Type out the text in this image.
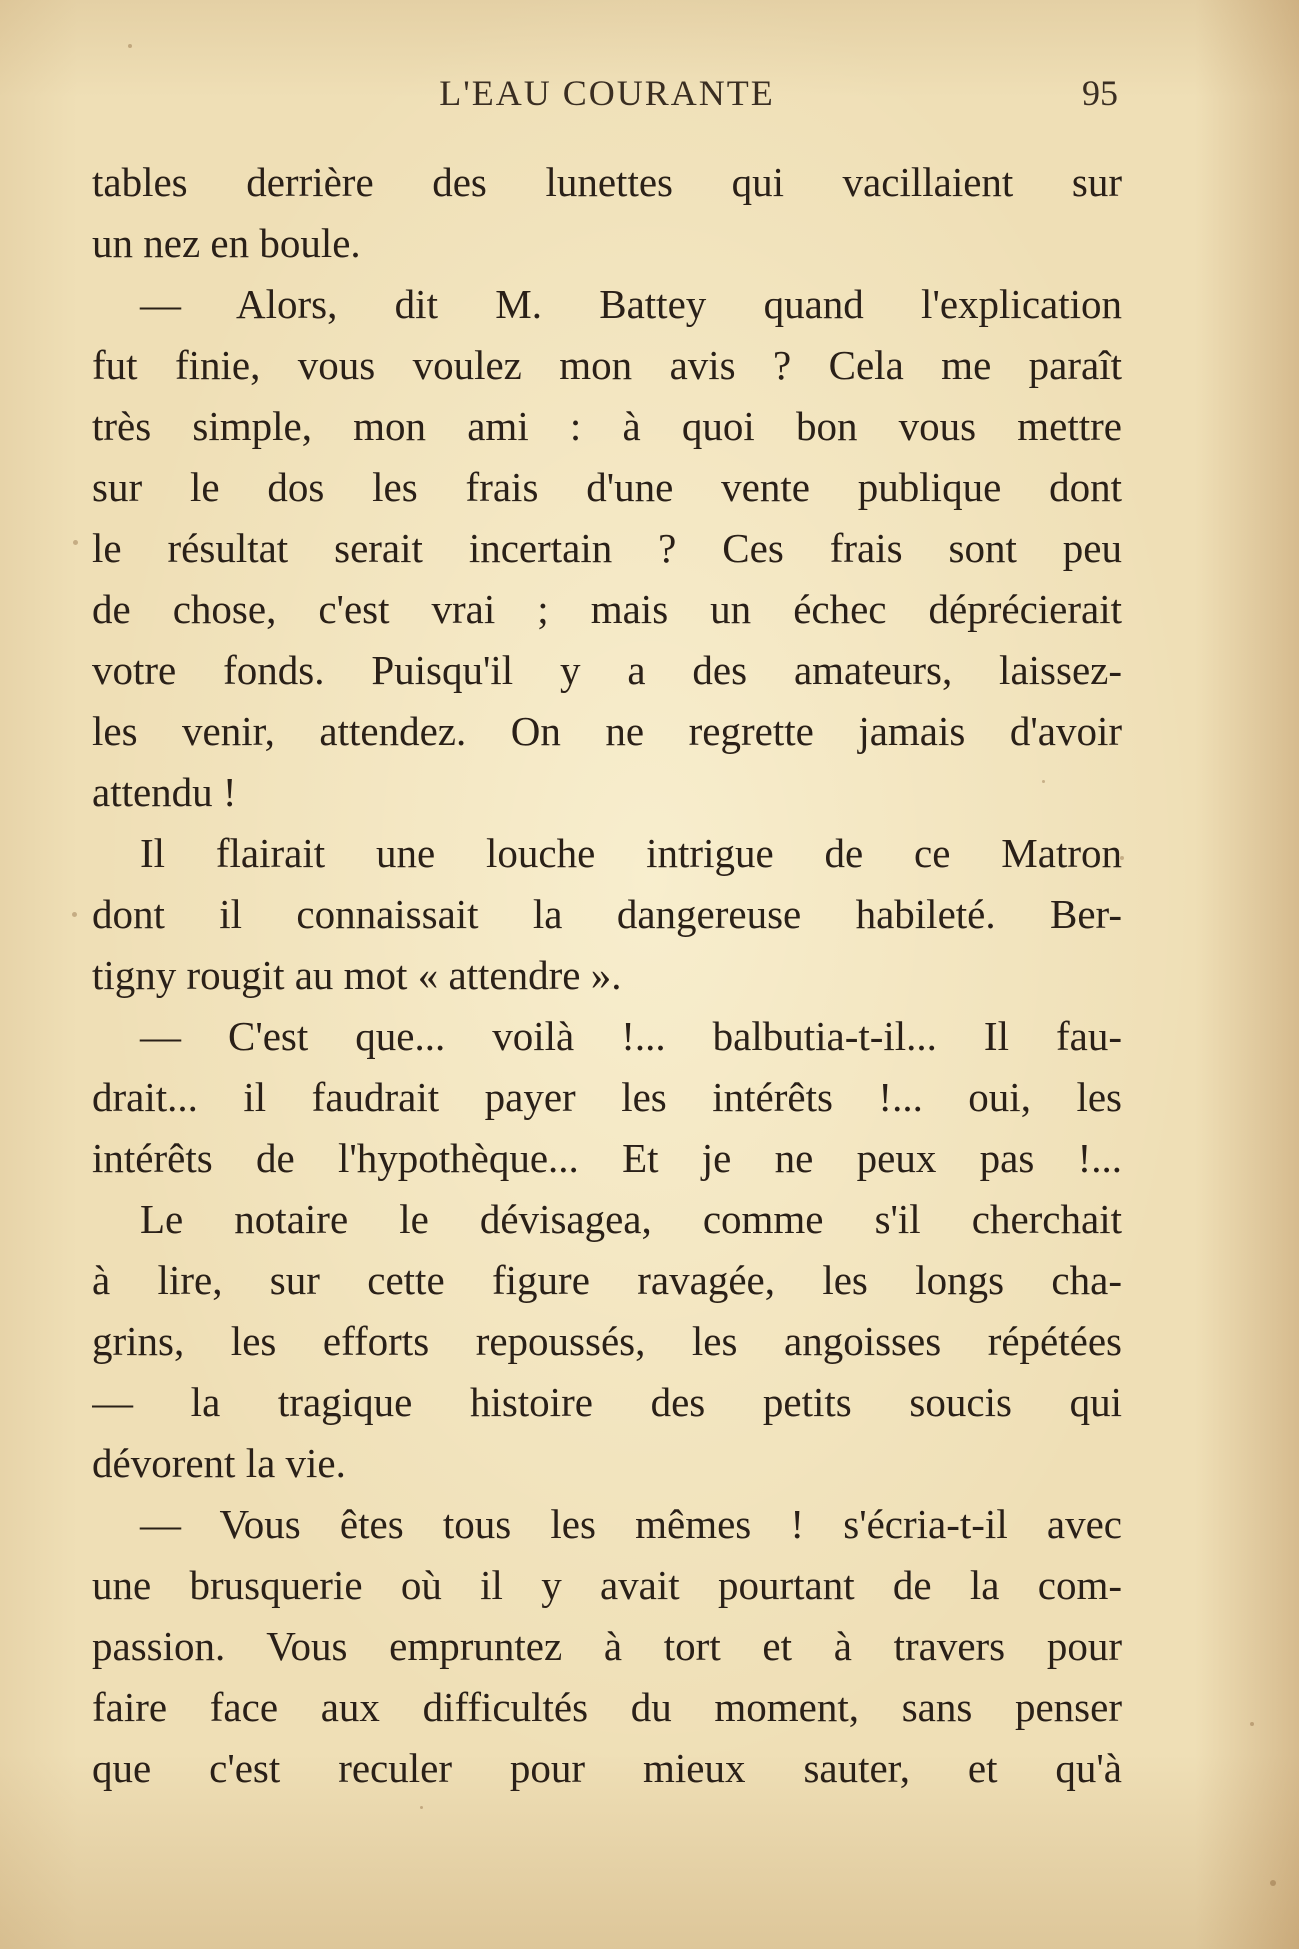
L'EAU COURANTE	95
tables derrière des lunettes qui vacillaient sur
un nez en boule.
— Alors, dit M. Battey quand l'explication
fut finie, vous voulez mon avis ? Cela me paraît
très simple, mon ami : à quoi bon vous mettre
sur le dos les frais d'une vente publique dont
le résultat serait incertain ? Ces frais sont peu
de chose, c'est vrai ; mais un échec déprécierait
votre fonds. Puisqu'il y a des amateurs, laissez-
les venir, attendez. On ne regrette jamais d'avoir
attendu !
Il flairait une louche intrigue de ce Matron
dont il connaissait la dangereuse habileté. Ber-
tigny rougit au mot « attendre ».
— C'est que... voilà !... balbutia-t-il... Il fau-
drait... il faudrait payer les intérêts !... oui, les
intérêts de l'hypothèque... Et je ne peux pas !...
Le notaire le dévisagea, comme s'il cherchait
à lire, sur cette figure ravagée, les longs cha-
grins, les efforts repoussés, les angoisses répétées
— la tragique histoire des petits soucis qui
dévorent la vie.
— Vous êtes tous les mêmes ! s'écria-t-il avec
une brusquerie où il y avait pourtant de la com-
passion. Vous empruntez à tort et à travers pour
faire face aux difficultés du moment, sans penser
que c'est reculer pour mieux sauter, et qu'à
